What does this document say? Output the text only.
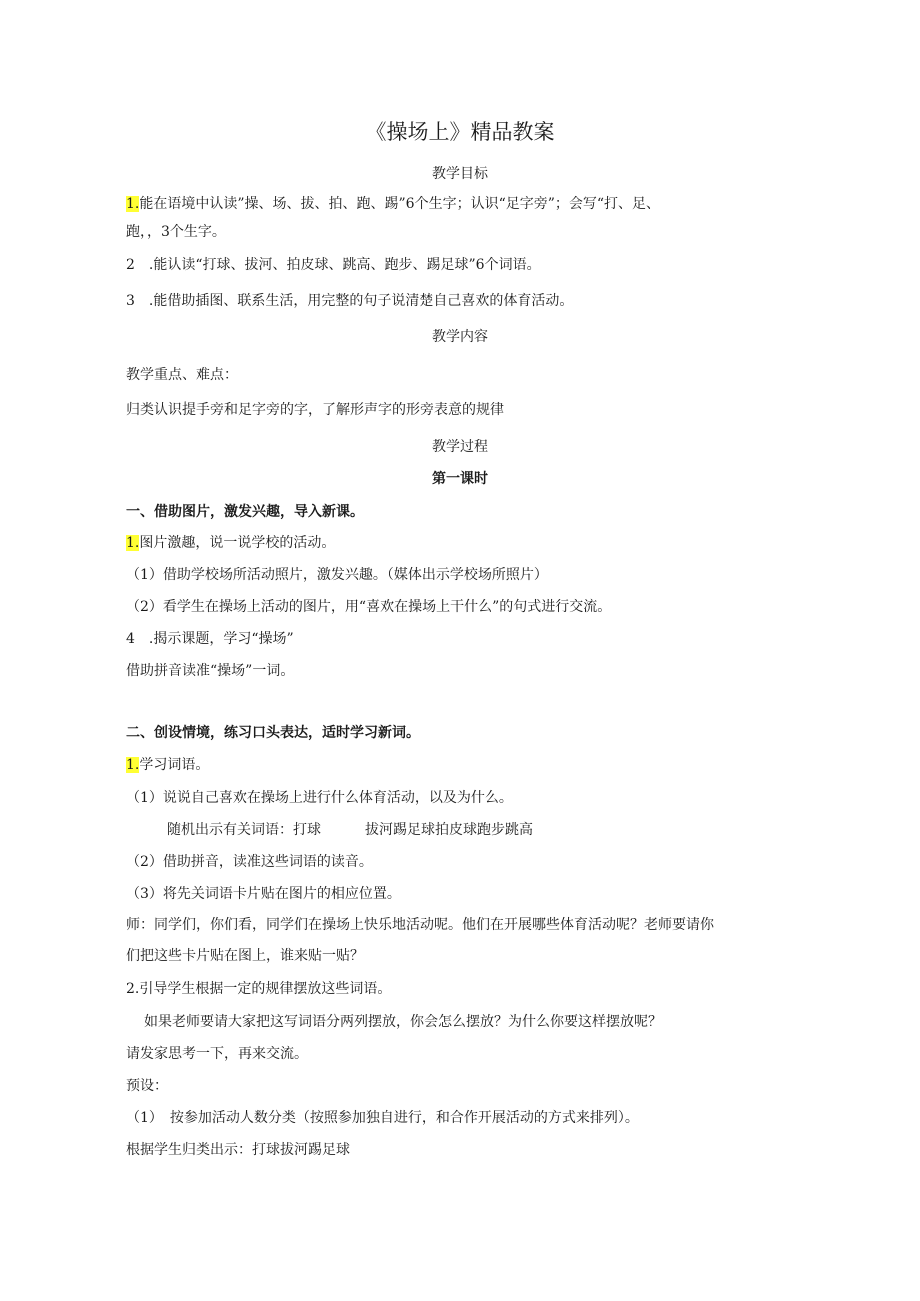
《操场上》精品教案
教学目标
1.能在语境中认读”操、场、拔、拍、跑、踢”6个生字；认识“足字旁”；会写“打、足、
跑，，3个生字。
2　.能认读“打球、拔河、拍皮球、跳高、跑步、踢足球”6个词语。
3　.能借助插图、联系生活，用完整的句子说清楚自己喜欢的体育活动。
教学内容
教学重点、难点：
归类认识提手旁和足字旁的字，了解形声字的形旁表意的规律
教学过程
第一课时
一、借助图片，激发兴趣，导入新课。
1.图片激趣，说一说学校的活动。
（1）借助学校场所活动照片，激发兴趣。（媒体出示学校场所照片）
（2）看学生在操场上活动的图片，用“喜欢在操场上干什么”的句式进行交流。
4　.揭示课题，学习“操场”
借助拼音读准“操场”一词。
二、创设情境，练习口头表达，适时学习新词。
1.学习词语。
（1）说说自己喜欢在操场上进行什么体育活动，以及为什么。
随机出示有关词语：打球	拔河踢足球拍皮球跑步跳高
（2）借助拼音，读准这些词语的读音。
（3）将先关词语卡片贴在图片的相应位置。
师：同学们，你们看，同学们在操场上快乐地活动呢。他们在开展哪些体育活动呢？老师要请你
们把这些卡片贴在图上，谁来贴一贴？
2.引导学生根据一定的规律摆放这些词语。
如果老师要请大家把这写词语分两列摆放，你会怎么摆放？为什么你要这样摆放呢？
请发家思考一下，再来交流。
预设：
（1）　按参加活动人数分类（按照参加独自进行，和合作开展活动的方式来排列）。
根据学生归类出示：打球拔河踢足球
